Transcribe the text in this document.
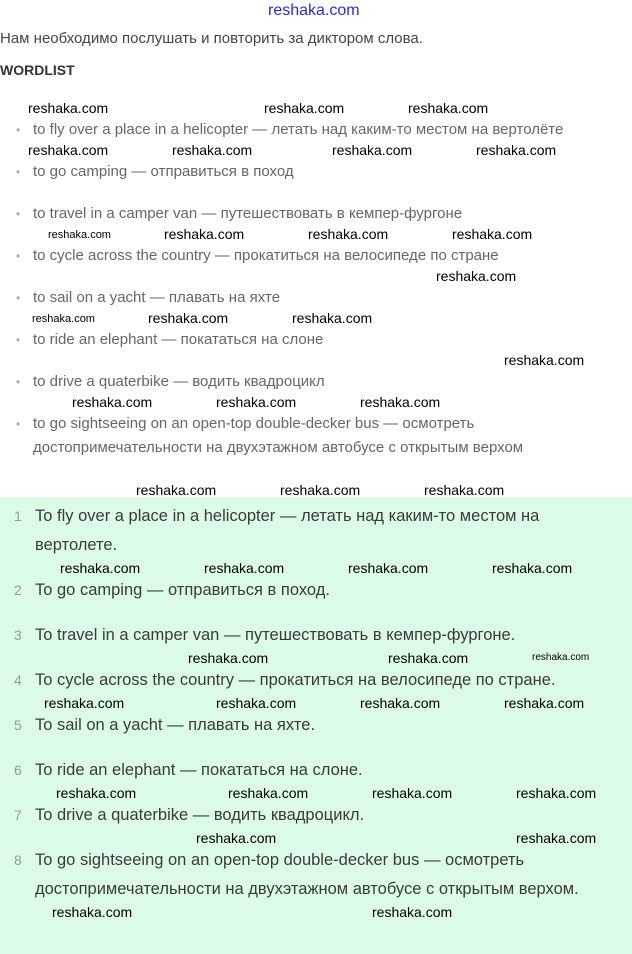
reshaka.com
Нам необходимо послушать и повторить за диктором слова.
WORDLIST
reshaka.com	reshaka.com	reshaka.com
• to fly over a place in a helicopter — летать над каким-то местом на вертолёте
reshaka.com	reshaka.com	reshaka.com	reshaka.com
• to go camping — отправиться в поход
• to travel in a camper van — путешествовать в кемпер-фургоне
reshaka.com	reshaka.com	reshaka.com	reshaka.com
• to cycle across the country — прокатиться на велосипеде по стране
reshaka.com
• to sail on a yacht — плавать на яхте
reshaka.com	reshaka.com	reshaka.com
• to ride an elephant — покататься на слоне
reshaka.com
• to drive a quaterbike — водить квадроцикл
reshaka.com	reshaka.com	reshaka.com
• to go sightseeing on an open-top double-decker bus — осмотреть достопримечательности на двухэтажном автобусе с открытым верхом
reshaka.com	reshaka.com	reshaka.com
1 To fly over a place in a helicopter — летать над каким-то местом на вертолете.
reshaka.com	reshaka.com	reshaka.com	reshaka.com
2 To go camping — отправиться в поход.
3 To travel in a camper van — путешествовать в кемпер-фургоне.
reshaka.com	reshaka.com	reshaka.com
4 To cycle across the country — прокатиться на велосипеде по стране.
reshaka.com	reshaka.com	reshaka.com	reshaka.com
5 To sail on a yacht — плавать на яхте.
6 To ride an elephant — покататься на слоне.
reshaka.com	reshaka.com	reshaka.com	reshaka.com
7 To drive a quaterbike — водить квадроцикл.
reshaka.com	reshaka.com
8 To go sightseeing on an open-top double-decker bus — осмотреть достопримечательности на двухэтажном автобусе с открытым верхом.
reshaka.com	reshaka.com
